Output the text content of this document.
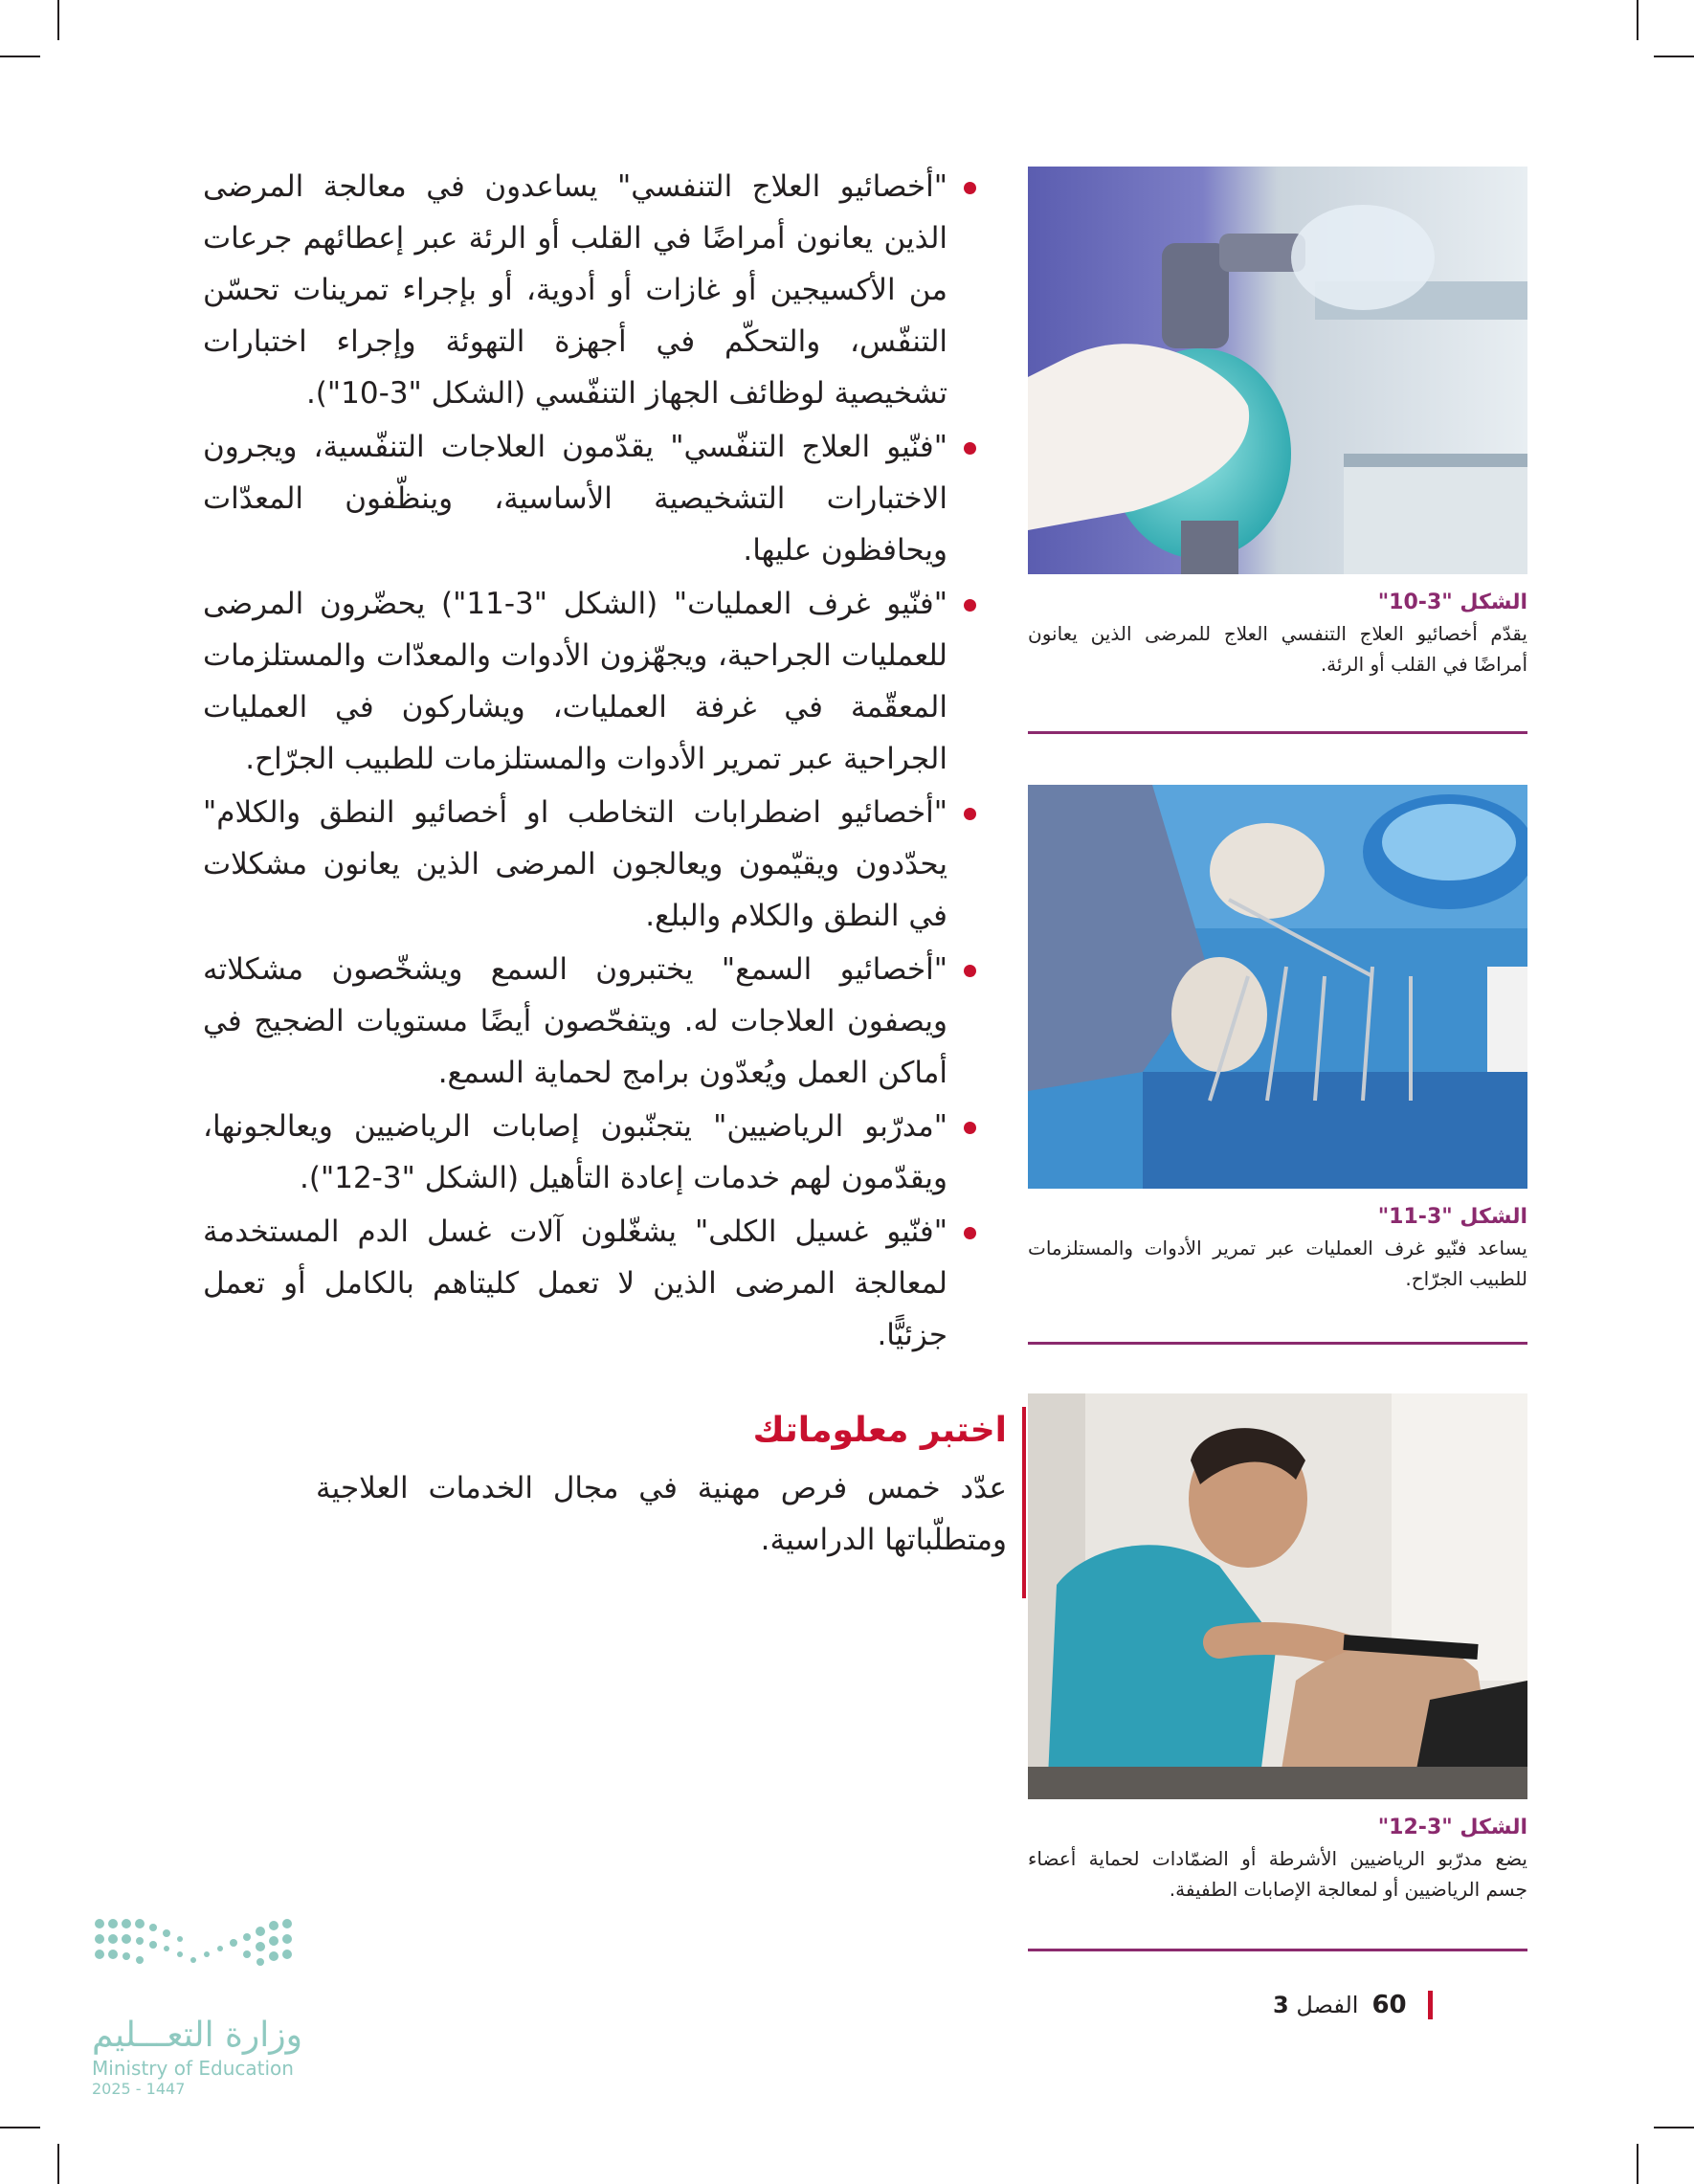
"أخصائيو العلاج التنفسي" يساعدون في معالجة المرضى الذين يعانون أمراضًا في القلب أو الرئة عبر إعطائهم جرعات من الأكسيجين أو غازات أو أدوية، أو بإجراء تمرينات تحسّن التنفّس، والتحكّم في أجهزة التهوئة وإجراء اختبارات تشخيصية لوظائف الجهاز التنفّسي (الشكل "3-10").
"فنّيو العلاج التنفّسي" يقدّمون العلاجات التنفّسية، ويجرون الاختبارات التشخيصية الأساسية، وينظّفون المعدّات ويحافظون عليها.
"فنّيو غرف العمليات" (الشكل "3-11") يحضّرون المرضى للعمليات الجراحية، ويجهّزون الأدوات والمعدّات والمستلزمات المعقّمة في غرفة العمليات، ويشاركون في العمليات الجراحية عبر تمرير الأدوات والمستلزمات للطبيب الجرّاح.
"أخصائيو اضطرابات التخاطب او أخصائيو النطق والكلام" يحدّدون ويقيّمون ويعالجون المرضى الذين يعانون مشكلات في النطق والكلام والبلع.
"أخصائيو السمع" يختبرون السمع ويشخّصون مشكلاته ويصفون العلاجات له. ويتفحّصون أيضًا مستويات الضجيج في أماكن العمل ويُعدّون برامج لحماية السمع.
"مدرّبو الرياضيين" يتجنّبون إصابات الرياضيين ويعالجونها، ويقدّمون لهم خدمات إعادة التأهيل (الشكل "3-12").
"فنّيو غسيل الكلى" يشغّلون آلات غسل الدم المستخدمة لمعالجة المرضى الذين لا تعمل كليتاهم بالكامل أو تعمل جزئيًّا.
اختبر معلوماتك

عدّد خمس فرص مهنية في مجال الخدمات العلاجية ومتطلّباتها الدراسية.

الشكل "3-10"
يقدّم أخصائيو العلاج التنفسي العلاج للمرضى الذين يعانون أمراضًا في القلب أو الرئة.
الشكل "3-11"
يساعد فنّيو غرف العمليات عبر تمرير الأدوات والمستلزمات للطبيب الجرّاح.
الشكل "3-12"
يضع مدرّبو الرياضيين الأشرطة أو الضمّادات لحماية أعضاء جسم الرياضيين أو لمعالجة الإصابات الطفيفة.
60
الفصل 3
وزارة التعـــليم
Ministry of Education
2025 - 1447
